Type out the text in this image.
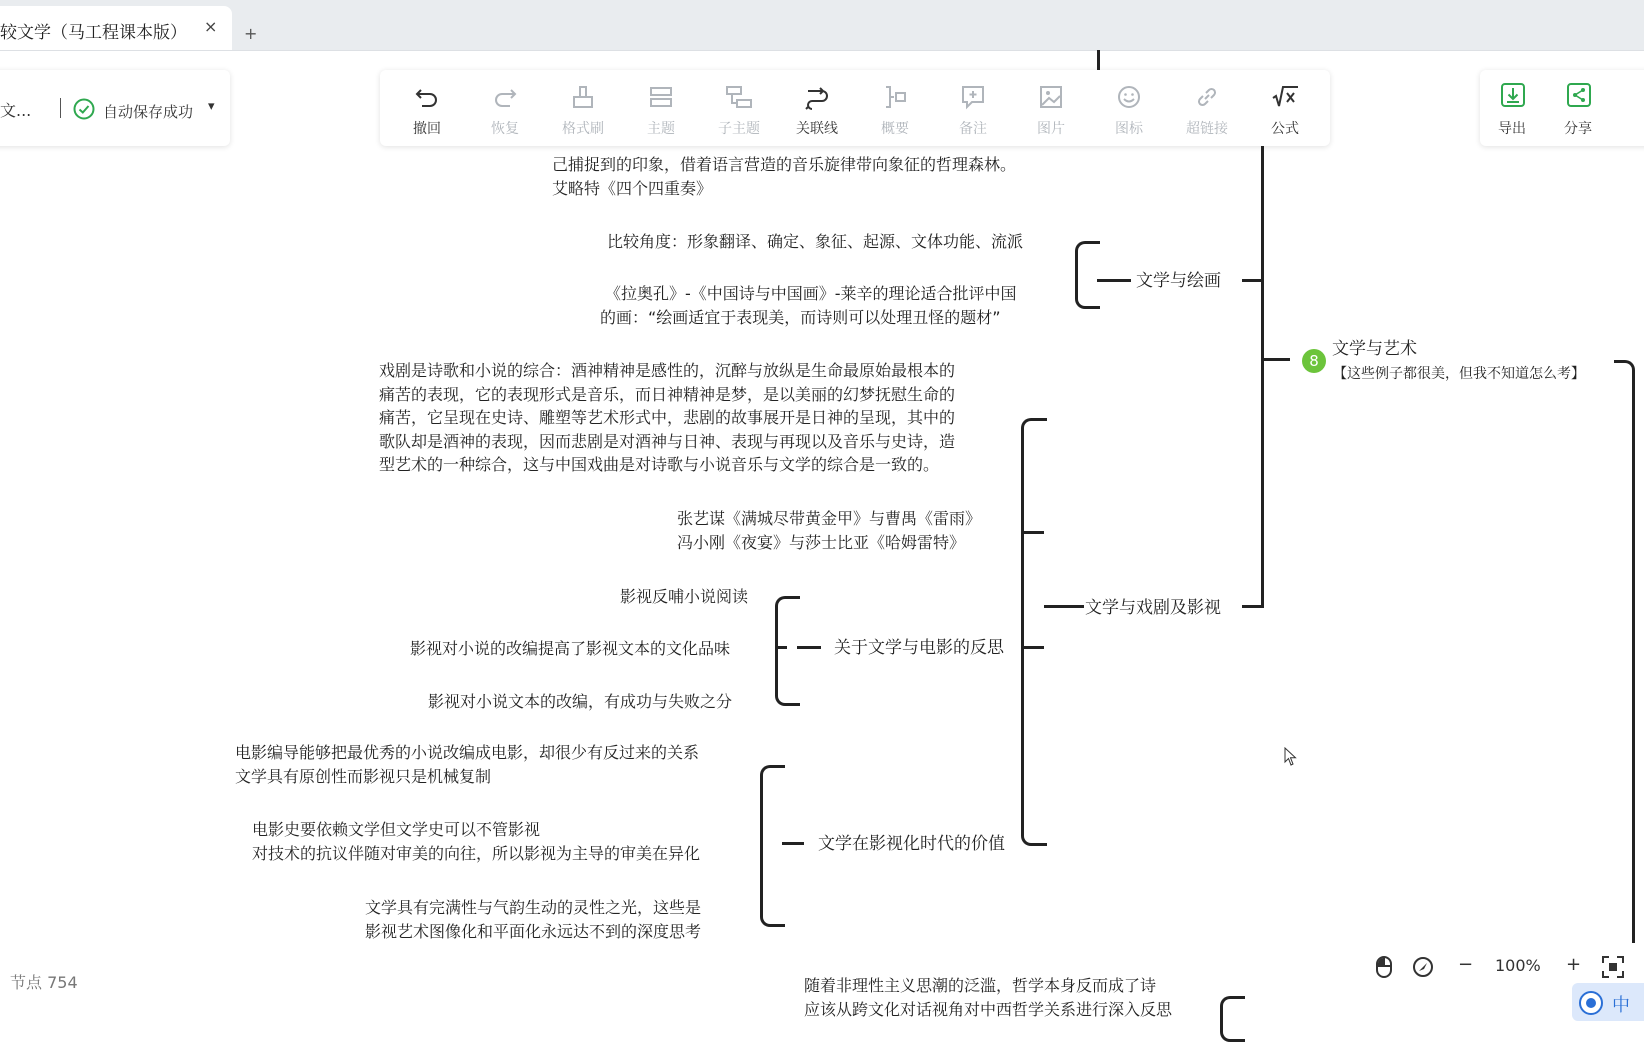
较文学（马工程课本版） × +
文...	自动保存成功 ▾
撤回	恢复	格式刷	主题	子主题	关联线	概要	备注	图片	图标	超链接	公式	导出	分享
己捕捉到的印象，借着语言营造的音乐旋律带向象征的哲理森林。
艾略特《四个四重奏》
文学与绘画
比较角度：形象翻译、确定、象征、起源、文体功能、流派
《拉奥孔》-《中国诗与中国画》-莱辛的理论适合批评中国
的画：“绘画适宜于表现美，而诗则可以处理丑怪的题材”
8
文学与艺术
【这些例子都很美，但我不知道怎么考】
文学与戏剧及影视
戏剧是诗歌和小说的综合：酒神精神是感性的，沉醉与放纵是生命最原始最根本的
痛苦的表现，它的表现形式是音乐，而日神精神是梦，是以美丽的幻梦抚慰生命的
痛苦，它呈现在史诗、雕塑等艺术形式中，悲剧的故事展开是日神的呈现，其中的
歌队却是酒神的表现，因而悲剧是对酒神与日神、表现与再现以及音乐与史诗，造
型艺术的一种综合，这与中国戏曲是对诗歌与小说音乐与文学的综合是一致的。
张艺谋《满城尽带黄金甲》与曹禺《雷雨》
冯小刚《夜宴》与莎士比亚《哈姆雷特》
关于文学与电影的反思
影视反哺小说阅读
影视对小说的改编提高了影视文本的文化品味
影视对小说文本的改编，有成功与失败之分
文学在影视化时代的价值
电影编导能够把最优秀的小说改编成电影，却很少有反过来的关系
文学具有原创性而影视只是机械复制
电影史要依赖文学但文学史可以不管影视
对技术的抗议伴随对审美的向往，所以影视为主导的审美在异化
文学具有完满性与气韵生动的灵性之光，这些是
影视艺术图像化和平面化永远达不到的深度思考
随着非理性主义思潮的泛滥，哲学本身反而成了诗
应该从跨文化对话视角对中西哲学关系进行深入反思
节点 754
− 100% +
中
